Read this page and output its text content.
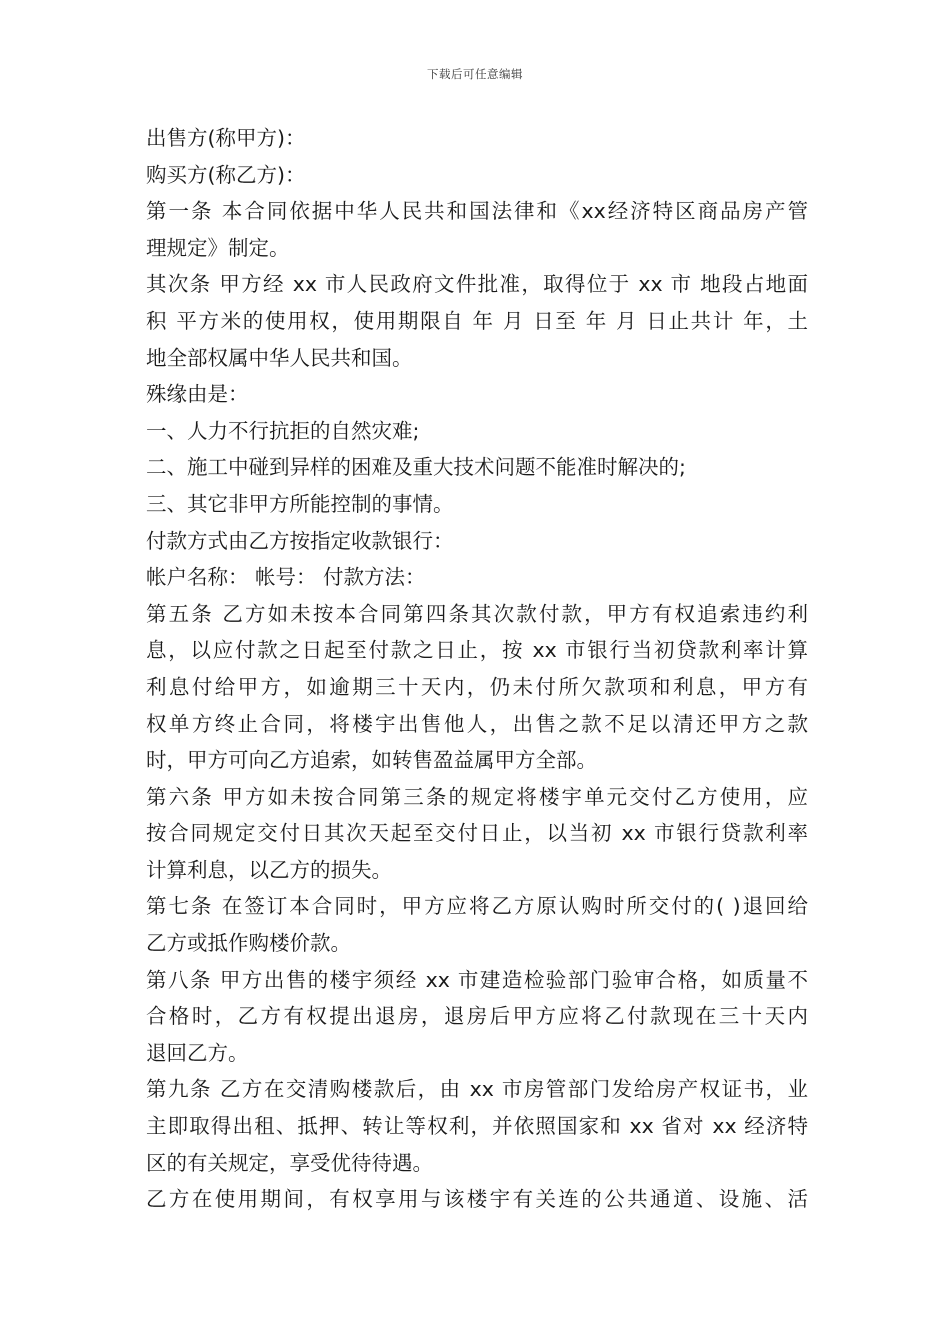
下载后可任意编辑
出售方(称甲方)：
购买方(称乙方)：
第一条 本合同依据中华人民共和国法律和《xx经济特区商品房产管
理规定》制定。
其次条 甲方经 xx 市人民政府文件批准，取得位于 xx 市 地段占地面
积 平方米的使用权，使用期限自 年 月 日至 年 月 日止共计 年，土
地全部权属中华人民共和国。
殊缘由是：
一、人力不行抗拒的自然灾难;
二、施工中碰到异样的困难及重大技术问题不能准时解决的;
三、其它非甲方所能控制的事情。
付款方式由乙方按指定收款银行：
帐户名称： 帐号： 付款方法：
第五条 乙方如未按本合同第四条其次款付款，甲方有权追索违约利
息，以应付款之日起至付款之日止，按 xx 市银行当初贷款利率计算
利息付给甲方，如逾期三十天内，仍未付所欠款项和利息，甲方有
权单方终止合同，将楼宇出售他人，出售之款不足以清还甲方之款
时，甲方可向乙方追索，如转售盈益属甲方全部。
第六条 甲方如未按合同第三条的规定将楼宇单元交付乙方使用，应
按合同规定交付日其次天起至交付日止，以当初 xx 市银行贷款利率
计算利息，以乙方的损失。
第七条 在签订本合同时，甲方应将乙方原认购时所交付的( )退回给
乙方或抵作购楼价款。
第八条 甲方出售的楼宇须经 xx 市建造检验部门验审合格，如质量不
合格时，乙方有权提出退房，退房后甲方应将乙付款现在三十天内
退回乙方。
第九条 乙方在交清购楼款后，由 xx 市房管部门发给房产权证书，业
主即取得出租、抵押、转让等权利，并依照国家和 xx 省对 xx 经济特
区的有关规定，享受优待待遇。
乙方在使用期间，有权享用与该楼宇有关连的公共通道、设施、活
